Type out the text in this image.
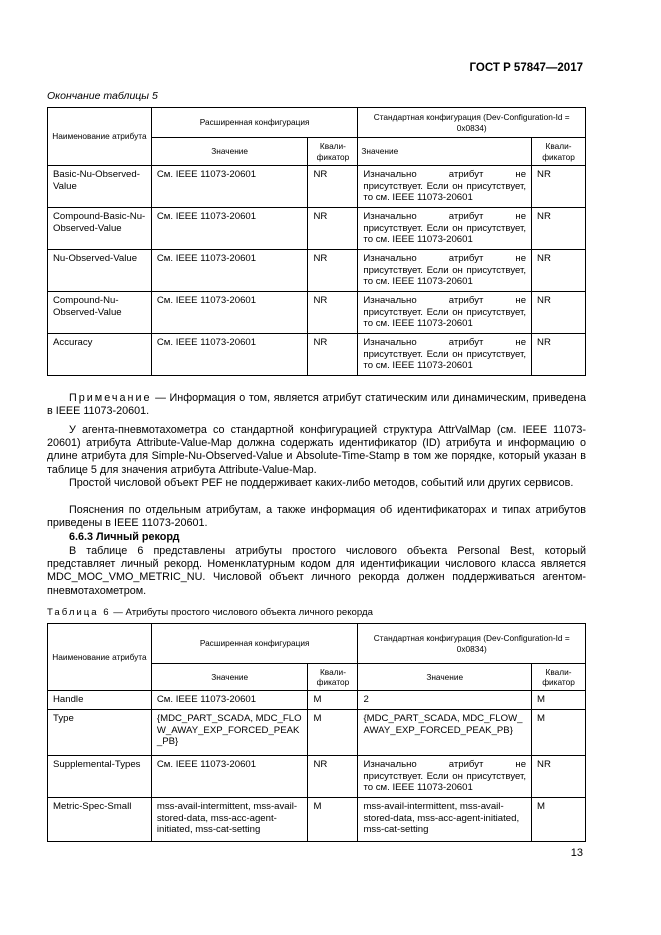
ГОСТ Р 57847—2017
Окончание таблицы 5
Наименование атрибута	Расширенная конфигурация		Стандартная конфигурация (Dev-Configuration-Id = 0x0834)	
	Значение	Квали-фикатор	Значение	Квали-фикатор
Basic-Nu-Observed-Value	См. IEEE 11073-20601	NR	Изначально атрибут не присутствует. Если он присутствует, то см. IEEE 11073-20601	NR
Compound-Basic-Nu-Observed-Value	См. IEEE 11073-20601	NR	Изначально атрибут не присутствует. Если он присутствует, то см. IEEE 11073-20601	NR
Nu-Observed-Value	См. IEEE 11073-20601	NR	Изначально атрибут не присутствует. Если он присутствует, то см. IEEE 11073-20601	NR
Compound-Nu-Observed-Value	См. IEEE 11073-20601	NR	Изначально атрибут не присутствует. Если он присутствует, то см. IEEE 11073-20601	NR
Accuracy	См. IEEE 11073-20601	NR	Изначально атрибут не присутствует. Если он присутствует, то см. IEEE 11073-20601	NR
Примечание — Информация о том, является атрибут статическим или динамическим, приведена в IEEE 11073-20601.
У агента-пневмотахометра со стандартной конфигурацией структура AttrValMap (см. IEEE 11073-20601) атрибута Attribute-Value-Map должна содержать идентификатор (ID) атрибута и информацию о длине атрибута для Simple-Nu-Observed-Value и Absolute-Time-Stamp в том же порядке, который указан в таблице 5 для значения атрибута Attribute-Value-Map.
Простой числовой объект PEF не поддерживает каких-либо методов, событий или других сервисов.
Пояснения по отдельным атрибутам, а также информация об идентификаторах и типах атрибутов приведены в IEEE 11073-20601.
6.6.3 Личный рекорд
В таблице 6 представлены атрибуты простого числового объекта Personal Best, который представляет личный рекорд. Номенклатурным кодом для идентификации числового класса является MDC_MOC_VMO_METRIC_NU. Числовой объект личного рекорда должен поддерживаться агентом-пневмотахометром.
Таблица 6 — Атрибуты простого числового объекта личного рекорда
Наименование атрибута	Расширенная конфигурация		Стандартная конфигурация (Dev-Configuration-Id = 0x0834)	
	Значение	Квали-фикатор	Значение	Квали-фикатор
Handle	См. IEEE 11073-20601	M	2	M
Type	{MDC_PART_SCADA, MDC_FLOW_AWAY_EXP_FORCED_PEAK_PB}	M	{MDC_PART_SCADA, MDC_FLOW_AWAY_EXP_FORCED_PEAK_PB}	M
Supplemental-Types	См. IEEE 11073-20601	NR	Изначально атрибут не присутствует. Если он присутствует, то см. IEEE 11073-20601	NR
Metric-Spec-Small	mss-avail-intermittent, mss-avail-stored-data, mss-acc-agent-initiated, mss-cat-setting	M	mss-avail-intermittent, mss-avail-stored-data, mss-acc-agent-initiated, mss-cat-setting	M
13
